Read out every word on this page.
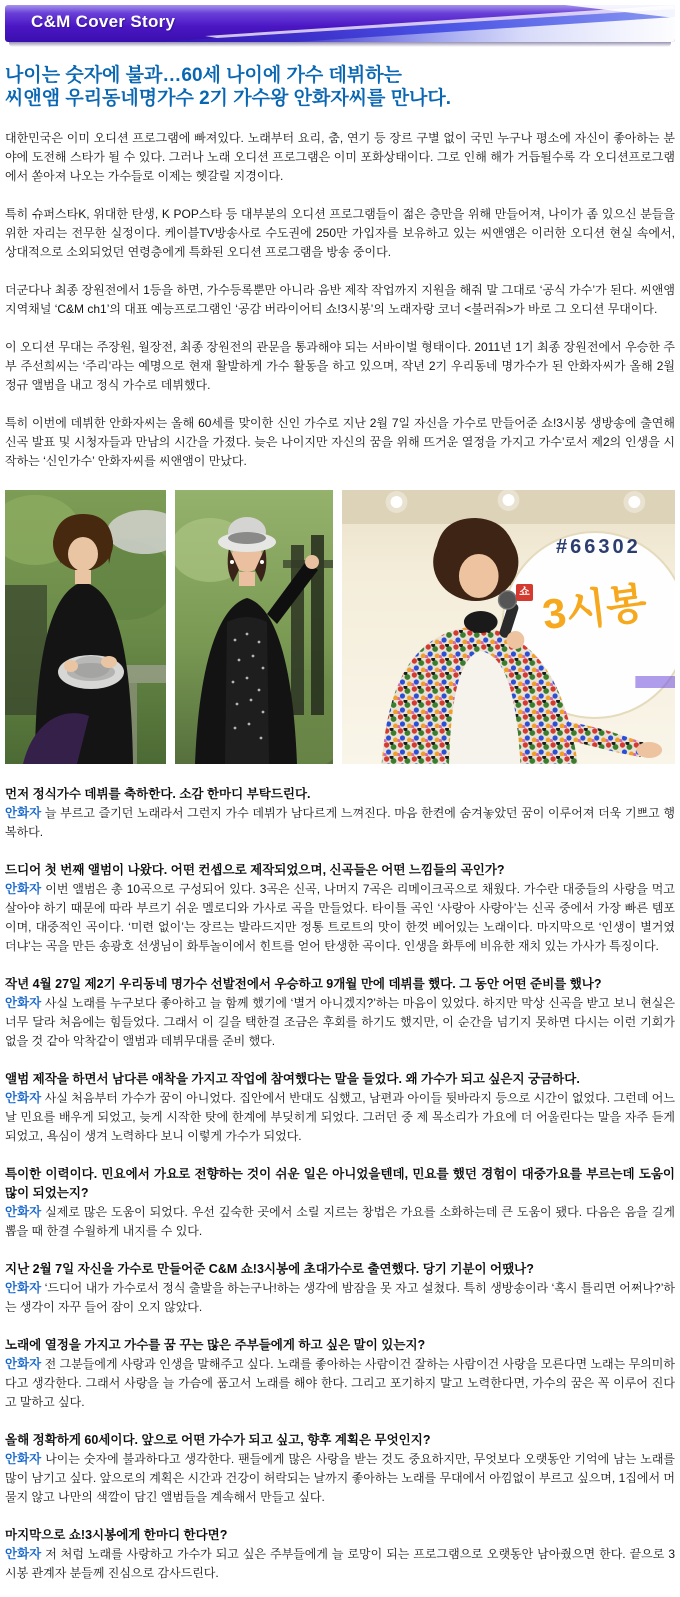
C&M Cover Story
나이는 숫자에 불과…60세 나이에 가수 데뷔하는
씨앤앰 우리동네명가수 2기 가수왕 안화자씨를 만나다.

대한민국은 이미 오디션 프로그램에 빠져있다. 노래부터 요리, 춤, 연기 등 장르 구별 없이 국민 누구나 평소에 자신이 좋아하는 분야에 도전해 스타가 될 수 있다. 그러나 노래 오디션 프로그램은 이미 포화상태이다. 그로 인해 해가 거듭될수록 각 오디션프로그램에서 쏟아져 나오는 가수들로 이제는 헷갈릴 지경이다.

특히 슈퍼스타K, 위대한 탄생, K POP스타 등 대부분의 오디션 프로그램들이 젊은 층만을 위해 만들어져, 나이가 좀 있으신 분들을 위한 자리는 전무한 실정이다. 케이블TV방송사로 수도권에 250만 가입자를 보유하고 있는 씨앤앰은 이러한 오디션 현실 속에서, 상대적으로 소외되었던 연령층에게 특화된 오디션 프로그램을 방송 중이다.

더군다나 최종 장원전에서 1등을 하면, 가수등록뿐만 아니라 음반 제작 작업까지 지원을 해줘 말 그대로 ‘공식 가수’가 된다. 씨앤앰 지역채널 ‘C&M ch1’의 대표 예능프로그램인 ‘공감 버라이어티 쇼!3시봉’의 노래자랑 코너 <불러줘>가 바로 그 오디션 무대이다.

이 오디션 무대는 주장원, 월장전, 최종 장원전의 관문을 통과해야 되는 서바이벌 형태이다. 2011년 1기 최종 장원전에서 우승한 주부 주선희씨는 ‘주리’라는 예명으로 현재 활발하게 가수 활동을 하고 있으며, 작년 2기 우리동네 명가수가 된 안화자씨가 올해 2월 정규 앨범을 내고 정식 가수로 데뷔했다.

특히 이번에 데뷔한 안화자씨는 올해 60세를 맞이한 신인 가수로 지난 2월 7일 자신을 가수로 만들어준 쇼!3시봉 생방송에 출연해 신곡 발표 및 시청자들과 만남의 시간을 가졌다. 늦은 나이지만 자신의 꿈을 위해 뜨거운 열정을 가지고 가수’로서 제2의 인생을 시작하는 ‘신인가수’ 안화자씨를 씨앤앰이 만났다.

#66302
쇼 3시봉

먼저 정식가수 데뷔를 축하한다. 소감 한마디 부탁드린다.

안화자 늘 부르고 즐기던 노래라서 그런지 가수 데뷔가 남다르게 느껴진다. 마음 한켠에 숨겨놓았던 꿈이 이루어져 더욱 기쁘고 행복하다.

드디어 첫 번째 앨범이 나왔다. 어떤 컨셉으로 제작되었으며, 신곡들은 어떤 느낌들의 곡인가?

안화자 이번 앨범은 총 10곡으로 구성되어 있다. 3곡은 신곡, 나머지 7곡은 리메이크곡으로 채웠다. 가수란 대중들의 사랑을 먹고 살아야 하기 때문에 따라 부르기 쉬운 멜로디와 가사로 곡을 만들었다. 타이틀 곡인 ‘사랑아 사랑아’는 신곡 중에서 가장 빠른 템포이며, 대중적인 곡이다. ‘미련 없이’는 장르는 발라드지만 정통 트로트의 맛이 한껏 베어있는 노래이다. 마지막으로 ‘인생이 별거였더냐’는 곡을 만든 송광호 선생님이 화투놀이에서 힌트를 얻어 탄생한 곡이다. 인생을 화투에 비유한 재치 있는 가사가 특징이다.

작년 4월 27일 제2기 우리동네 명가수 선발전에서 우승하고 9개월 만에 데뷔를 했다. 그 동안 어떤 준비를 했나?

안화자 사실 노래를 누구보다 좋아하고 늘 함께 했기에 ‘별거 아니겠지?’하는 마음이 있었다. 하지만 막상 신곡을 받고 보니 현실은 너무 달라 처음에는 힘들었다. 그래서 이 길을 택한걸 조금은 후회를 하기도 했지만, 이 순간을 넘기지 못하면 다시는 이런 기회가 없을 것 같아 악착같이 앨범과 데뷔무대를 준비 했다.

앨범 제작을 하면서 남다른 애착을 가지고 작업에 참여했다는 말을 들었다. 왜 가수가 되고 싶은지 궁금하다.

안화자 사실 처음부터 가수가 꿈이 아니었다. 집안에서 반대도 심했고, 남편과 아이들 뒷바라지 등으로 시간이 없었다. 그런데 어느날 민요를 배우게 되었고, 늦게 시작한 탓에 한계에 부딪히게 되었다. 그러던 중 제 목소리가 가요에 더 어울린다는 말을 자주 듣게 되었고, 욕심이 생겨 노력하다 보니 이렇게 가수가 되었다.

특이한 이력이다. 민요에서 가요로 전향하는 것이 쉬운 일은 아니었을텐데, 민요를 했던 경험이 대중가요를 부르는데 도움이 많이 되었는지?

안화자 실제로 많은 도움이 되었다. 우선 깊숙한 곳에서 소릴 지르는 창법은 가요를 소화하는데 큰 도움이 됐다. 다음은 음을 길게 뽑을 때 한결 수월하게 내지를 수 있다.

지난 2월 7일 자신을 가수로 만들어준 C&M 쇼!3시봉에 초대가수로 출연했다. 당기 기분이 어땠나?

안화자 ‘드디어 내가 가수로서 정식 출발을 하는구나!하는 생각에 밤잠을 못 자고 설쳤다. 특히 생방송이라 ‘혹시 틀리면 어쩌나?’하는 생각이 자꾸 들어 잠이 오지 않았다.

노래에 열정을 가지고 가수를 꿈 꾸는 많은 주부들에게 하고 싶은 말이 있는지?

안화자 전 그분들에게 사랑과 인생을 말해주고 싶다. 노래를 좋아하는 사람이건 잘하는 사람이건 사랑을 모른다면 노래는 무의미하다고 생각한다. 그래서 사랑을 늘 가슴에 품고서 노래를 해야 한다. 그리고 포기하지 말고 노력한다면, 가수의 꿈은 꼭 이루어 진다고 말하고 싶다.

올해 정확하게 60세이다. 앞으로 어떤 가수가 되고 싶고, 향후 계획은 무엇인지?

안화자 나이는 숫자에 불과하다고 생각한다. 팬들에게 많은 사랑을 받는 것도 중요하지만, 무엇보다 오랫동안 기억에 남는 노래를 많이 남기고 싶다. 앞으로의 계획은 시간과 건강이 허락되는 날까지 좋아하는 노래를 무대에서 아낌없이 부르고 싶으며, 1집에서 머물지 않고 나만의 색깔이 담긴 앨범들을 계속해서 만들고 싶다.

마지막으로 쇼!3시봉에게 한마디 한다면?

안화자 저 처럼 노래를 사랑하고 가수가 되고 싶은 주부들에게 늘 로망이 되는 프로그램으로 오랫동안 남아줬으면 한다. 끝으로 3시봉 관계자 분들께 진심으로 감사드린다.
